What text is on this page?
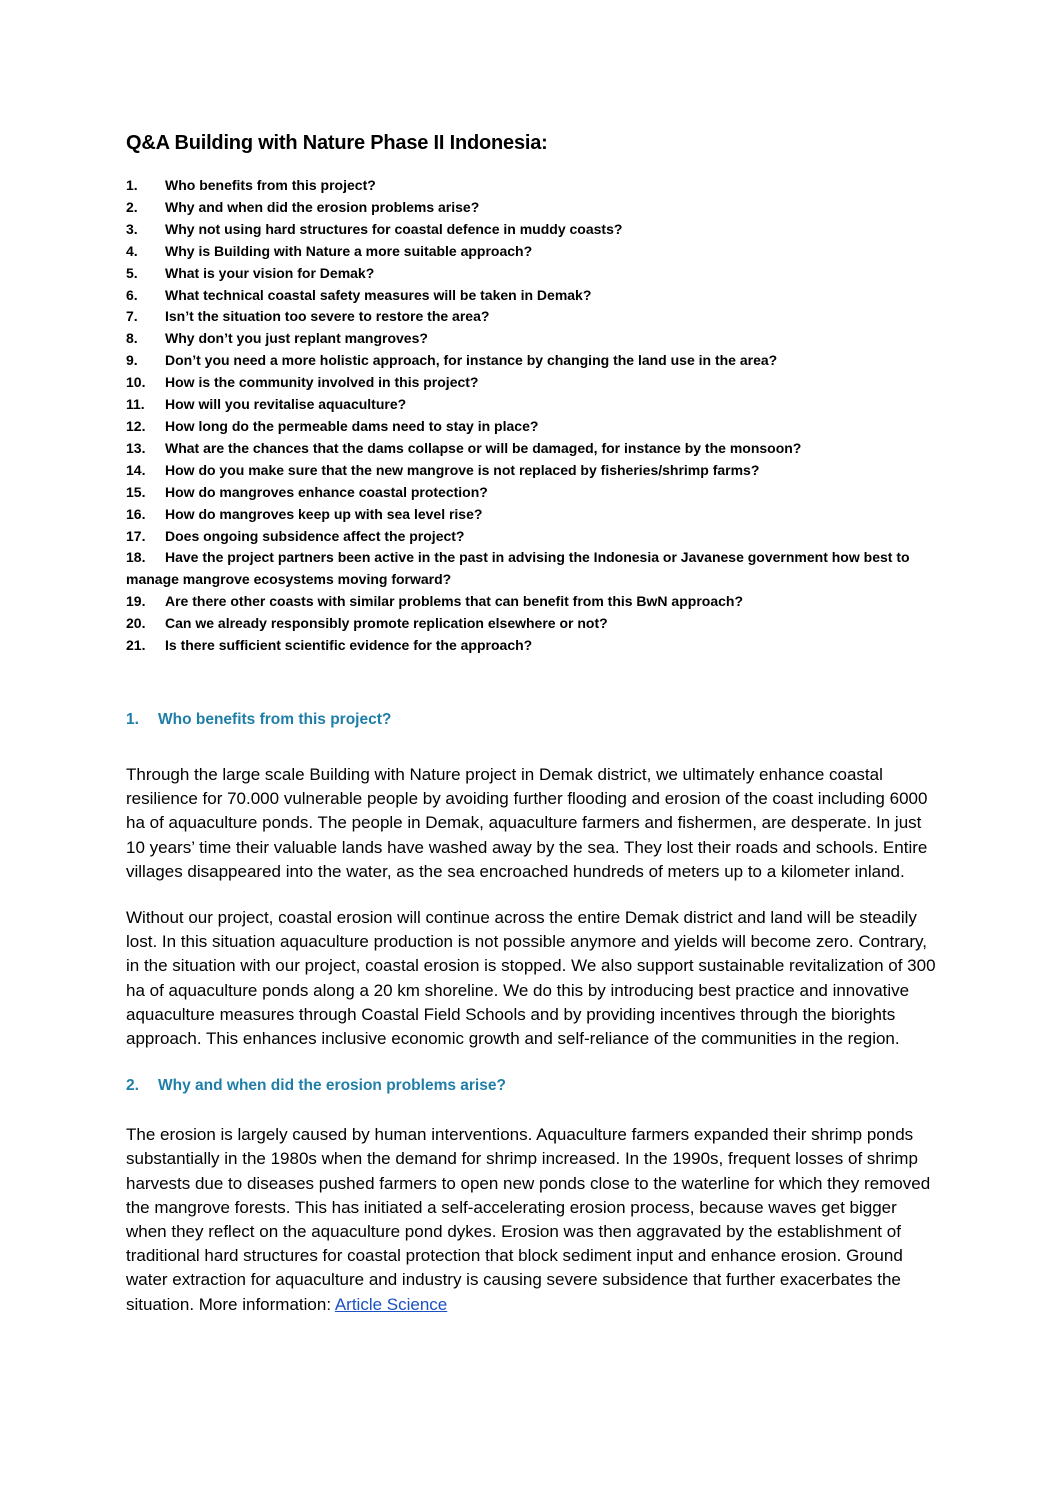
Q&A Building with Nature Phase II Indonesia:
1. Who benefits from this project?
2. Why and when did the erosion problems arise?
3. Why not using hard structures for coastal defence in muddy coasts?
4. Why is Building with Nature a more suitable approach?
5. What is your vision for Demak?
6. What technical coastal safety measures will be taken in Demak?
7. Isn’t the situation too severe to restore the area?
8. Why don’t you just replant mangroves?
9. Don’t you need a more holistic approach, for instance by changing the land use in the area?
10. How is the community involved in this project?
11. How will you revitalise aquaculture?
12. How long do the permeable dams need to stay in place?
13. What are the chances that the dams collapse or will be damaged, for instance by the monsoon?
14. How do you make sure that the new mangrove is not replaced by fisheries/shrimp farms?
15. How do mangroves enhance coastal protection?
16. How do mangroves keep up with sea level rise?
17. Does ongoing subsidence affect the project?
18. Have the project partners been active in the past in advising the Indonesia or Javanese government how best to manage mangrove ecosystems moving forward?
19. Are there other coasts with similar problems that can benefit from this BwN approach?
20. Can we already responsibly promote replication elsewhere or not?
21. Is there sufficient scientific evidence for the approach?
1. Who benefits from this project?

Through the large scale Building with Nature project in Demak district, we ultimately enhance coastal resilience for 70.000 vulnerable people by avoiding further flooding and erosion of the coast including 6000 ha of aquaculture ponds. The people in Demak, aquaculture farmers and fishermen, are desperate. In just 10 years’ time their valuable lands have washed away by the sea. They lost their roads and schools. Entire villages disappeared into the water, as the sea encroached hundreds of meters up to a kilometer inland.

Without our project, coastal erosion will continue across the entire Demak district and land will be steadily lost. In this situation aquaculture production is not possible anymore and yields will become zero. Contrary, in the situation with our project, coastal erosion is stopped. We also support sustainable revitalization of 300 ha of aquaculture ponds along a 20 km shoreline. We do this by introducing best practice and innovative aquaculture measures through Coastal Field Schools and by providing incentives through the biorights approach. This enhances inclusive economic growth and self-reliance of the communities in the region.

2. Why and when did the erosion problems arise?

The erosion is largely caused by human interventions. Aquaculture farmers expanded their shrimp ponds substantially in the 1980s when the demand for shrimp increased. In the 1990s, frequent losses of shrimp harvests due to diseases pushed farmers to open new ponds close to the waterline for which they removed the mangrove forests. This has initiated a self-accelerating erosion process, because waves get bigger when they reflect on the aquaculture pond dykes. Erosion was then aggravated by the establishment of traditional hard structures for coastal protection that block sediment input and enhance erosion. Ground water extraction for aquaculture and industry is causing severe subsidence that further exacerbates the situation. More information: Article Science
